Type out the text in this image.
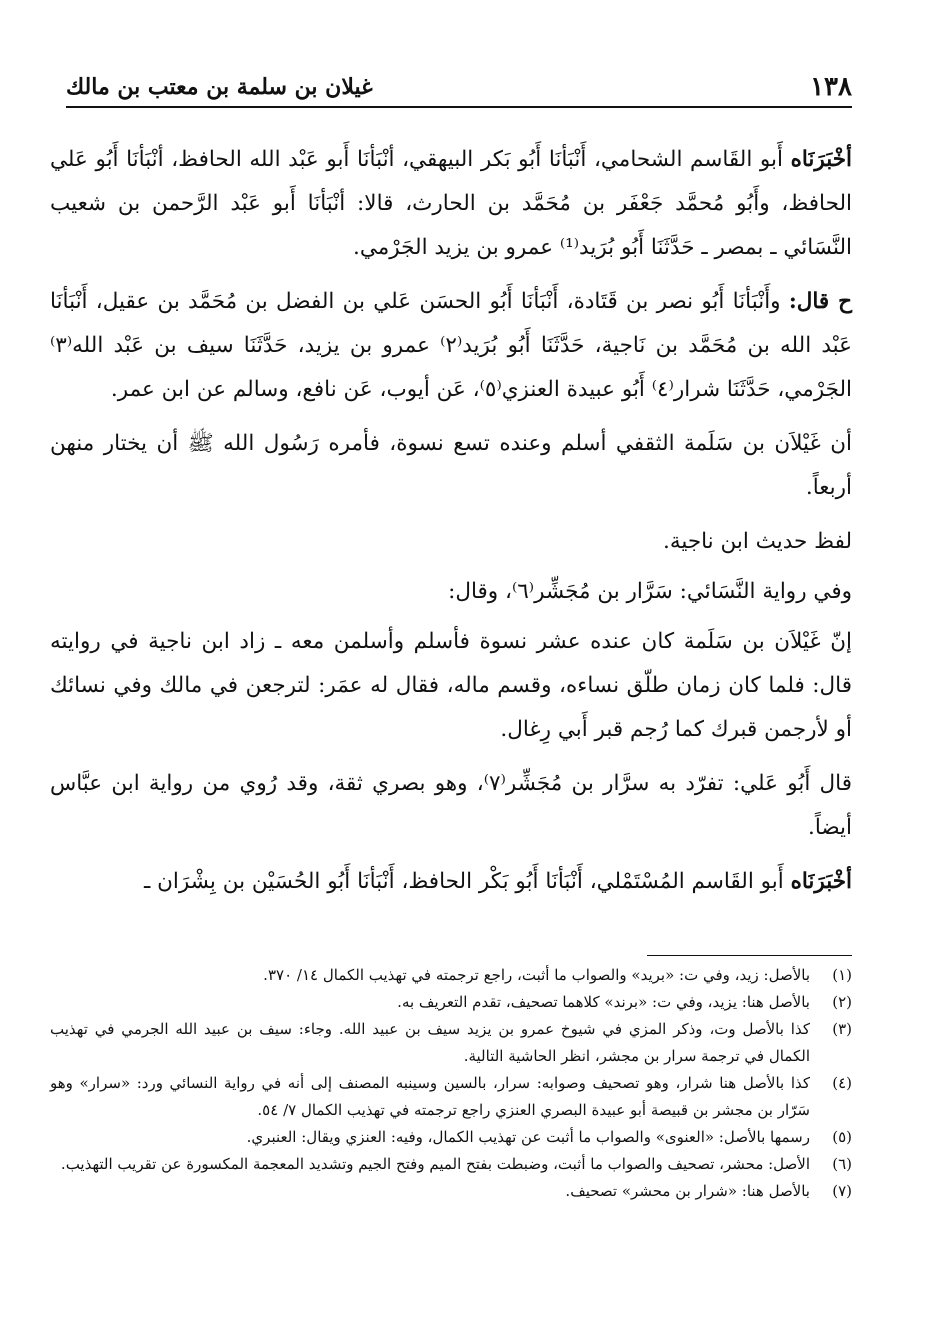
١٣٨
غيلان بن سلمة بن معتب بن مالك

أخْبَرَنَاه أَبو القَاسم الشحامي، أَنْبَأنَا أَبُو بَكر البيهقي، أنْبَأنَا أَبو عَبْد الله الحافظ، أنْبَأنَا أَبُو عَلي الحافظ، وأَبُو مُحمَّد جَعْفَر بن مُحَمَّد بن الحارث، قالا: أنْبَأنَا أَبو عَبْد الرَّحمن بن شعيب النَّسَائي ـ بمصر ـ حَدَّثَنَا أَبُو بُرَيد⁽¹⁾ عمرو بن يزيد الجَرْمي.

ح قال: وأَنْبَأنَا أَبُو نصر بن قَتَادة، أَنْبَأنَا أَبُو الحسَن عَلي بن الفضل بن مُحَمَّد بن عقيل، أَنْبَأنَا عَبْد الله بن مُحَمَّد بن نَاجية، حَدَّثَنَا أَبُو بُرَيد⁽٢⁾ عمرو بن يزيد، حَدَّثَنَا سيف بن عَبْد الله⁽٣⁾ الجَرْمي، حَدَّثَنَا شرار⁽٤⁾ أَبُو عبيدة العنزي⁽٥⁾، عَن أيوب، عَن نافع، وسالم عن ابن عمر.

أن غَيْلاَن بن سَلَمة الثقفي أسلم وعنده تسع نسوة، فأمره رَسُول الله ﷺ أن يختار منهن أربعاً.

لفظ حديث ابن ناجية.

وفي رواية النَّسَائي: سَرَّار بن مُجَشِّر⁽٦⁾، وقال:

إنّ غَيْلاَن بن سَلَمة كان عنده عشر نسوة فأسلم وأسلمن معه ـ زاد ابن ناجية في روايته قال: فلما كان زمان طلّق نساءه، وقسم ماله، فقال له عمَر: لترجعن في مالك وفي نسائك أو لأرجمن قبرك كما رُجم قبر أَبي رِغال.

قال أَبُو عَلي: تفرّد به سرَّار بن مُجَشِّر⁽٧⁾، وهو بصري ثقة، وقد رُوي من رواية ابن عبَّاس أيضاً.

أخْبَرَنَاه أَبو القَاسم المُسْتَمْلي، أَنْبَأنَا أَبُو بَكْر الحافظ، أَنْبَأنَا أَبُو الحُسَيْن بن بِشْرَان ـ

(١)
بالأصل: زيد، وفي ت: «بريد» والصواب ما أثبت، راجع ترجمته في تهذيب الكمال ١٤/ ٣٧٠.
(٢)
بالأصل هنا: يزيد، وفي ت: «برند» كلاهما تصحيف، تقدم التعريف به.
(٣)
كذا بالأصل وت، وذكر المزي في شيوخ عمرو بن يزيد سيف بن عبيد الله. وجاء: سيف بن عبيد الله الجرمي في تهذيب الكمال في ترجمة سرار بن مجشر، انظر الحاشية التالية.
(٤)
كذا بالأصل هنا شرار، وهو تصحيف وصوابه: سرار، بالسين وسينبه المصنف إلى أنه في رواية النسائي ورد: «سرار» وهو سَرّار بن مجشر بن قبيصة أبو عبيدة البصري العنزي راجع ترجمته في تهذيب الكمال ٧/ ٥٤.
(٥)
رسمها بالأصل: «العنوى» والصواب ما أثبت عن تهذيب الكمال، وفيه: العنزي ويقال: العنبري.
(٦)
الأصل: محشر، تصحيف والصواب ما أثبت، وضبطت بفتح الميم وفتح الجيم وتشديد المعجمة المكسورة عن تقريب التهذيب.
(٧)
بالأصل هنا: «شرار بن محشر» تصحيف.
